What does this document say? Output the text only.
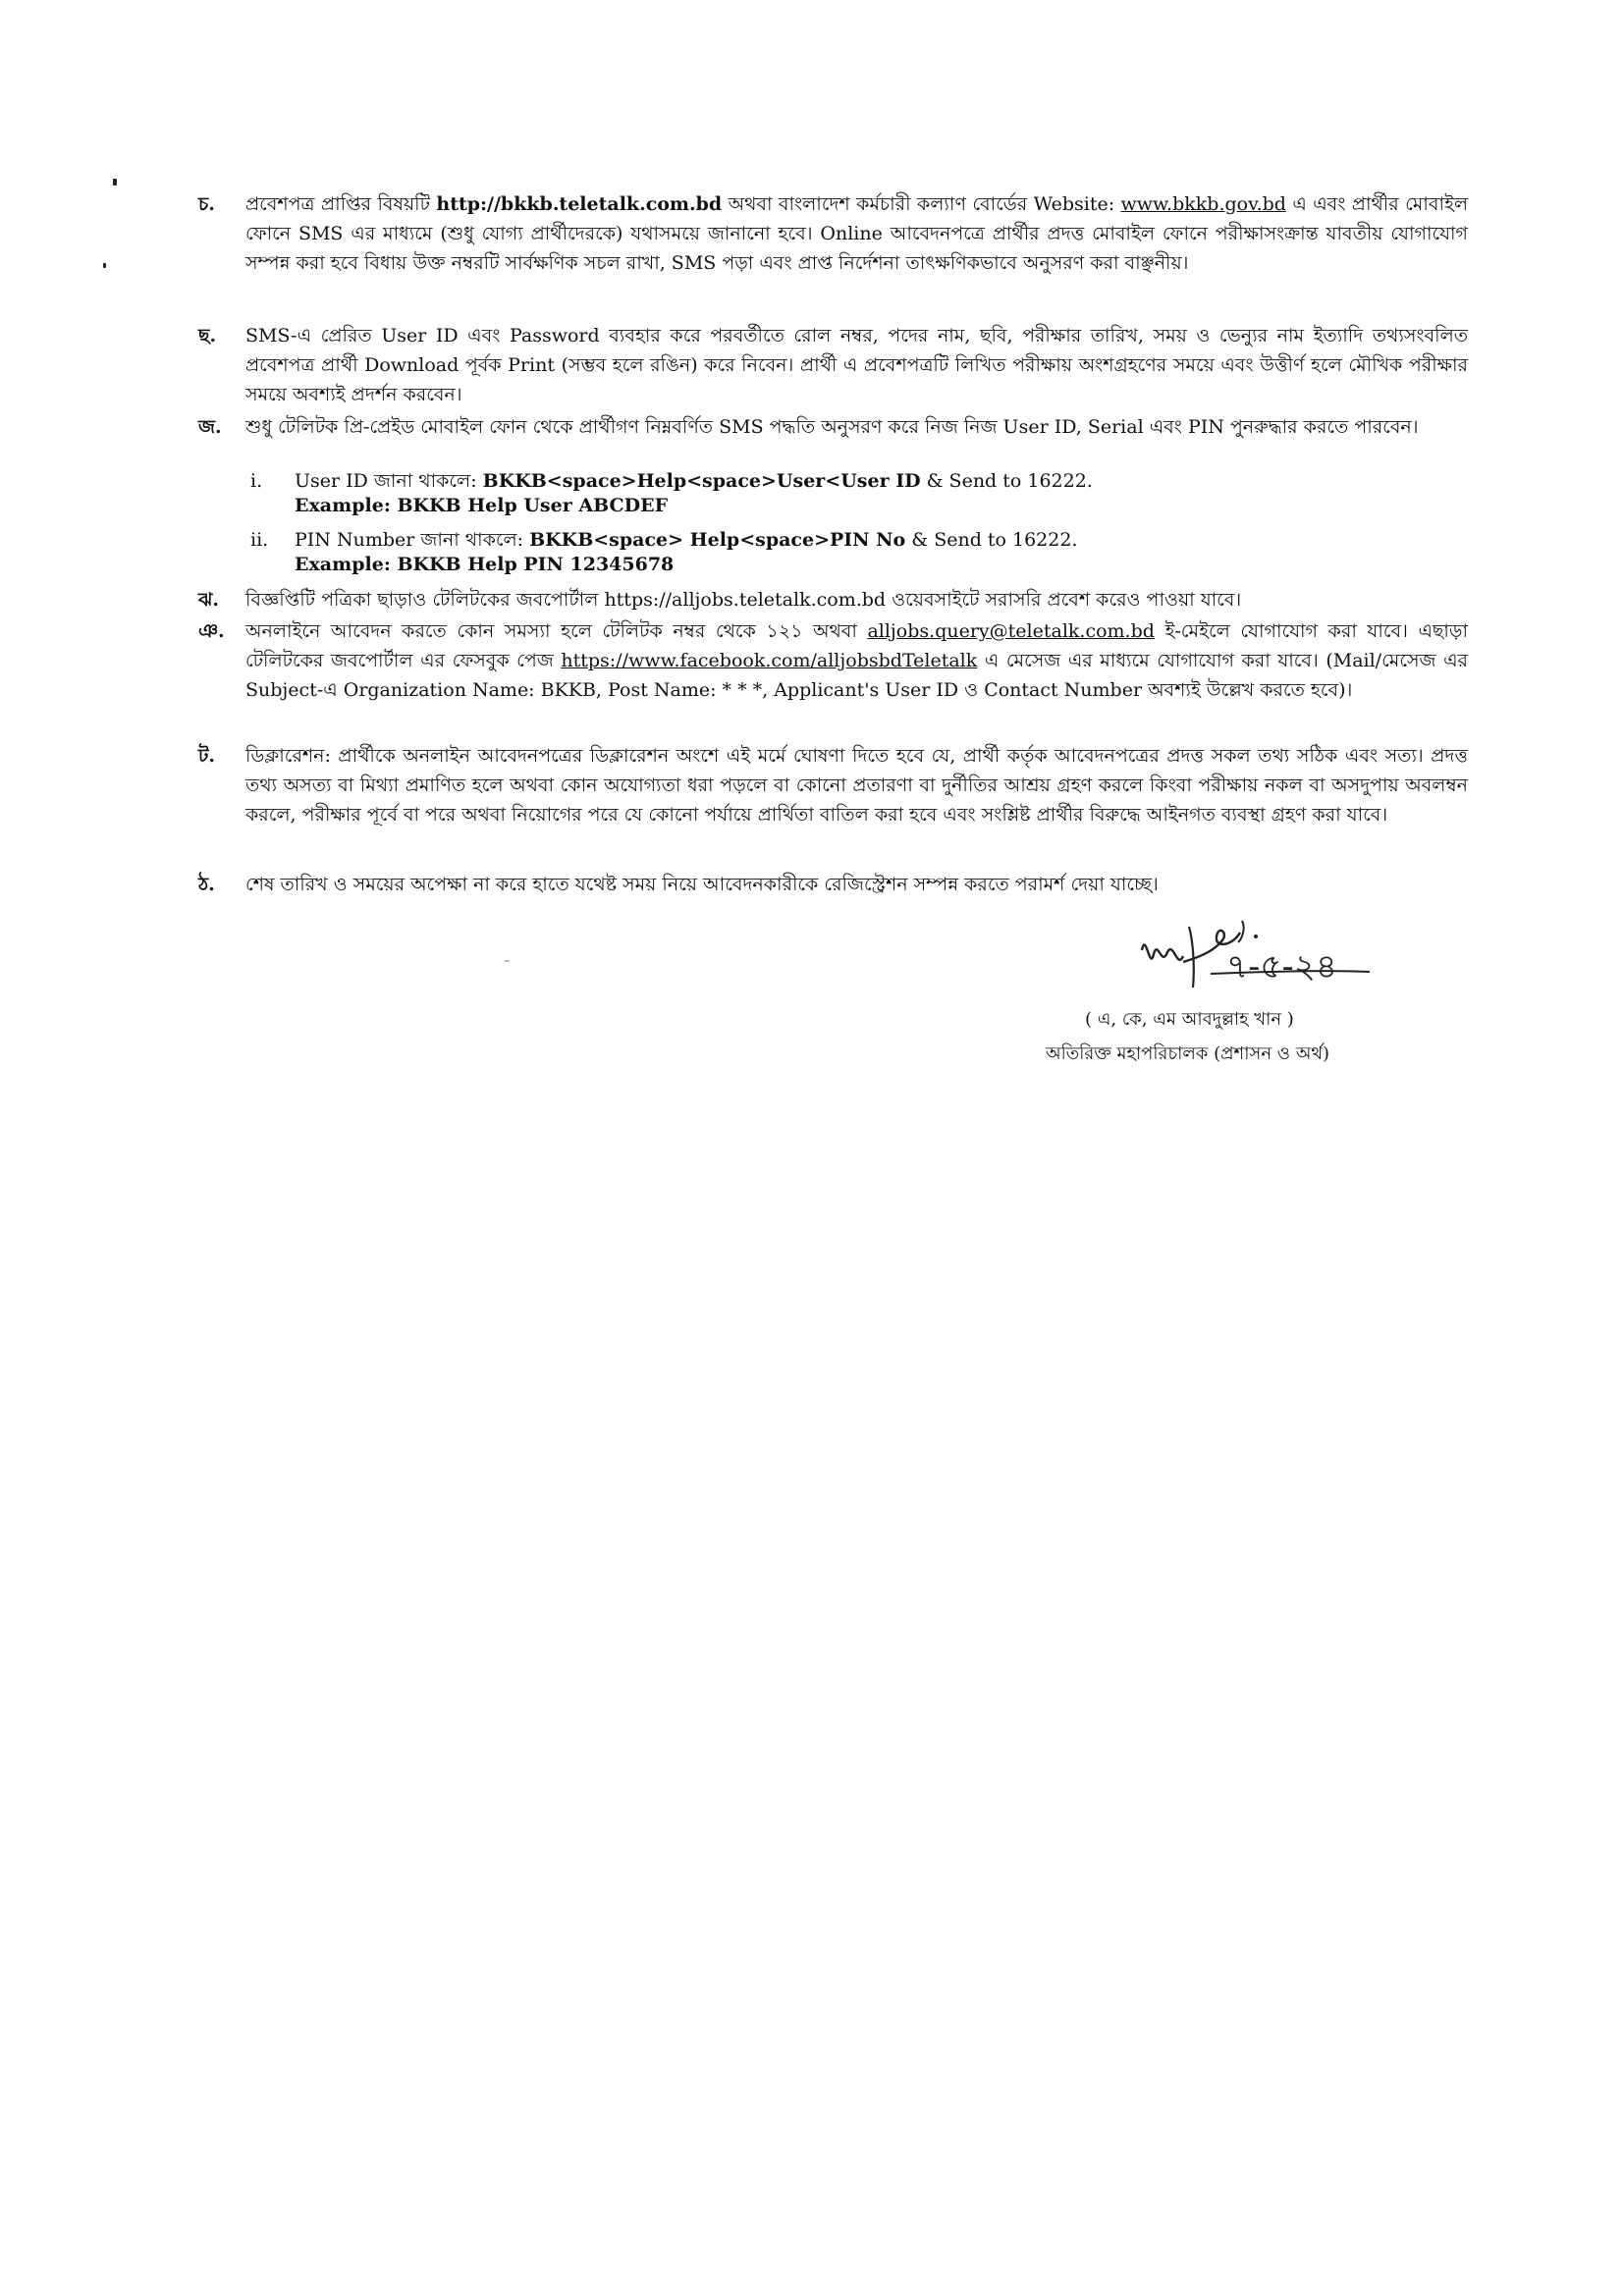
চ. প্রবেশপত্র প্রাপ্তির বিষয়টি http://bkkb.teletalk.com.bd অথবা বাংলাদেশ কর্মচারী কল্যাণ বোর্ডের Website: www.bkkb.gov.bd এ এবং প্রার্থীর মোবাইল ফোনে SMS এর মাধ্যমে (শুধু যোগ্য প্রার্থীদেরকে) যথাসময়ে জানানো হবে। Online আবেদনপত্রে প্রার্থীর প্রদত্ত মোবাইল ফোনে পরীক্ষাসংক্রান্ত যাবতীয় যোগাযোগ সম্পন্ন করা হবে বিধায় উক্ত নম্বরটি সার্বক্ষণিক সচল রাখা, SMS পড়া এবং প্রাপ্ত নির্দেশনা তাৎক্ষণিকভাবে অনুসরণ করা বাঞ্ছনীয়।
ছ. SMS-এ প্রেরিত User ID এবং Password ব্যবহার করে পরবর্তীতে রোল নম্বর, পদের নাম, ছবি, পরীক্ষার তারিখ, সময় ও ভেন্যুর নাম ইত্যাদি তথ্যসংবলিত প্রবেশপত্র প্রার্থী Download পূর্বক Print (সম্ভব হলে রঙিন) করে নিবেন। প্রার্থী এ প্রবেশপত্রটি লিখিত পরীক্ষায় অংশগ্রহণের সময়ে এবং উত্তীর্ণ হলে মৌখিক পরীক্ষার সময়ে অবশ্যই প্রদর্শন করবেন।
জ. শুধু টেলিটক প্রি-প্রেইড মোবাইল ফোন থেকে প্রার্থীগণ নিম্নবর্ণিত SMS পদ্ধতি অনুসরণ করে নিজ নিজ User ID, Serial এবং PIN পুনরুদ্ধার করতে পারবেন।
i. User ID জানা থাকলে: BKKB<space>Help<space>User<User ID & Send to 16222.
Example: BKKB Help User ABCDEF
ii. PIN Number জানা থাকলে: BKKB<space> Help<space>PIN No & Send to 16222.
Example: BKKB Help PIN 12345678
ঝ. বিজ্ঞপ্তিটি পত্রিকা ছাড়াও টেলিটকের জবপোর্টাল https://alljobs.teletalk.com.bd ওয়েবসাইটে সরাসরি প্রবেশ করেও পাওয়া যাবে।
ঞ. অনলাইনে আবেদন করতে কোন সমস্যা হলে টেলিটক নম্বর থেকে ১২১ অথবা alljobs.query@teletalk.com.bd ই-মেইলে যোগাযোগ করা যাবে। এছাড়া টেলিটকের জবপোর্টাল এর ফেসবুক পেজ https://www.facebook.com/alljobsbdTeletalk এ মেসেজ এর মাধ্যমে যোগাযোগ করা যাবে। (Mail/মেসেজ এর Subject-এ Organization Name: BKKB, Post Name: * * *, Applicant's User ID ও Contact Number অবশ্যই উল্লেখ করতে হবে)।
ট. ডিক্লারেশন: প্রার্থীকে অনলাইন আবেদনপত্রের ডিক্লারেশন অংশে এই মর্মে ঘোষণা দিতে হবে যে, প্রার্থী কর্তৃক আবেদনপত্রের প্রদত্ত সকল তথ্য সঠিক এবং সত্য। প্রদত্ত তথ্য অসত্য বা মিথ্যা প্রমাণিত হলে অথবা কোন অযোগ্যতা ধরা পড়লে বা কোনো প্রতারণা বা দুর্নীতির আশ্রয় গ্রহণ করলে কিংবা পরীক্ষায় নকল বা অসদুপায় অবলম্বন করলে, পরীক্ষার পূর্বে বা পরে অথবা নিয়োগের পরে যে কোনো পর্যায়ে প্রার্থিতা বাতিল করা হবে এবং সংশ্লিষ্ট প্রার্থীর বিরুদ্ধে আইনগত ব্যবস্থা গ্রহণ করা যাবে।
ঠ. শেষ তারিখ ও সময়ের অপেক্ষা না করে হাতে যথেষ্ট সময় নিয়ে আবেদনকারীকে রেজিস্ট্রেশন সম্পন্ন করতে পরামর্শ দেয়া যাচ্ছে।
৭-৫-২৪
( এ, কে, এম আবদুল্লাহ খান )
অতিরিক্ত মহাপরিচালক (প্রশাসন ও অর্থ)
